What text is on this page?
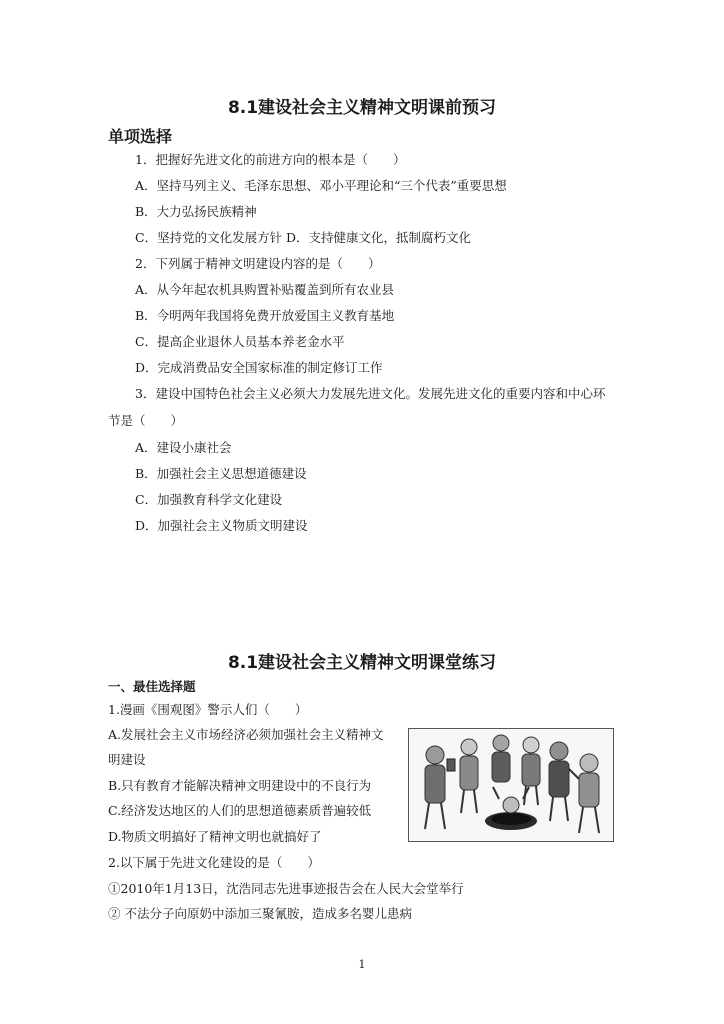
8.1建设社会主义精神文明课前预习
单项选择
1．把握好先进文化的前进方向的根本是（　　）
A．坚持马列主义、毛泽东思想、邓小平理论和“三个代表”重要思想
B．大力弘扬民族精神
C．坚持党的文化发展方针 D．支持健康文化，抵制腐朽文化
2．下列属于精神文明建设内容的是（　　）
A．从今年起农机具购置补贴覆盖到所有农业县
B．今明两年我国将免费开放爱国主义教育基地
C．提高企业退休人员基本养老金水平
D．完成消费品安全国家标准的制定修订工作
3．建设中国特色社会主义必须大力发展先进文化。发展先进文化的重要内容和中心环
节是（　　）
A．建设小康社会
B．加强社会主义思想道德建设
C．加强教育科学文化建设
D．加强社会主义物质文明建设
8.1建设社会主义精神文明课堂练习
一、最佳选择题
1.漫画《围观图》警示人们（　　）
A.发展社会主义市场经济必须加强社会主义精神文
明建设
B.只有教育才能解决精神文明建设中的不良行为
C.经济发达地区的人们的思想道德素质普遍较低
D.物质文明搞好了精神文明也就搞好了
2.以下属于先进文化建设的是（　　）
①2010年1月13日，沈浩同志先进事迹报告会在人民大会堂举行
② 不法分子向原奶中添加三聚氰胺，造成多名婴儿患病
1
